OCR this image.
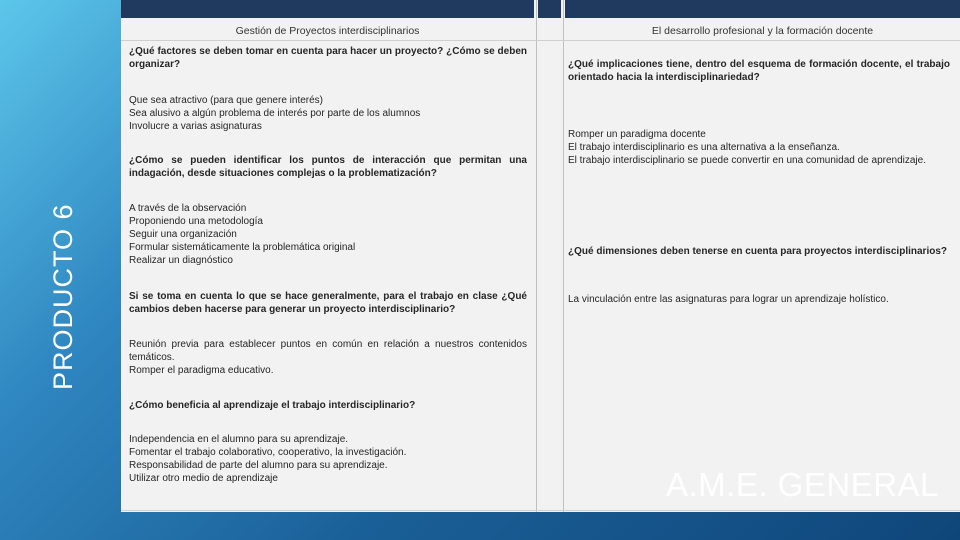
PRODUCTO 6
Gestión de Proyectos interdisciplinarios	El desarrollo profesional y la formación docente
¿Qué factores se deben tomar en cuenta para hacer un proyecto? ¿Cómo se deben organizar?
Que sea atractivo (para que genere interés)
Sea alusivo a algún problema de interés por parte de los alumnos
Involucre a varias asignaturas
¿Cómo se pueden identificar los puntos de interacción que permitan una indagación, desde situaciones complejas o la problematización?
A través de la observación
Proponiendo una metodología
Seguir una organización
Formular sistemáticamente la problemática original
Realizar un diagnóstico
Si se toma en cuenta lo que se hace generalmente, para el trabajo en clase ¿Qué cambios deben hacerse para generar un proyecto interdisciplinario?
Reunión previa para establecer puntos en común en relación a nuestros contenidos temáticos.
Romper el paradigma educativo.
¿Cómo beneficia al aprendizaje el trabajo interdisciplinario?
Independencia en el alumno para su aprendizaje.
Fomentar el trabajo colaborativo, cooperativo, la investigación.
Responsabilidad de parte del alumno para su aprendizaje.
Utilizar otro medio de aprendizaje
¿Qué implicaciones tiene, dentro del esquema de formación docente, el trabajo orientado hacia la interdisciplinariedad?
Romper un paradigma docente
El trabajo interdisciplinario es una alternativa a la enseñanza.
El trabajo interdisciplinario se puede convertir en una comunidad de aprendizaje.
¿Qué dimensiones deben tenerse en cuenta para proyectos interdisciplinarios?
La vinculación entre las asignaturas para lograr un aprendizaje holístico.
A.M.E. GENERAL
